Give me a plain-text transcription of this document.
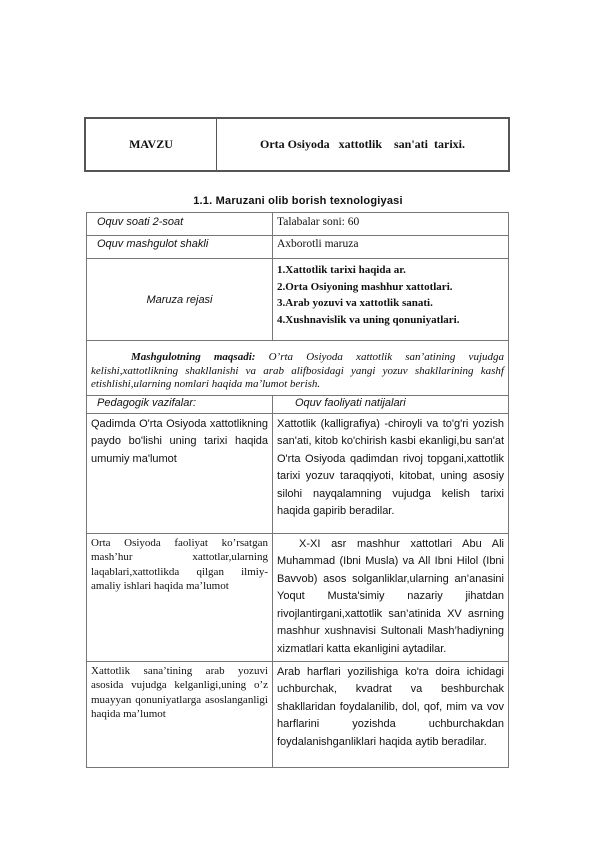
MAVZU	Orta Osiyoda   xattotlik    san'ati  tarixi.
1.1. Maruzani olib borish texnologiyasi
Oquv soati 2-soat	Talabalar soni: 60
Oquv mashgulot shakli	Axborotli maruza
Maruza rejasi	1.Xattotlik tarixi haqida ar.
2.Orta Osiyoning mashhur xattotlari.
3.Arab yozuvi va xattotlik sanati.
4.Xushnavislik va uning qonuniyatlari.

Mashgulotning maqsadi: O’rta Osiyoda xattotlik san’atining vujudga kelishi,xattotlikning shakllanishi va arab alifbosidagi yangi yozuv shakllarining kashf etishlishi,ularning nomlari haqida ma’lumot berish.	
Pedagogik vazifalar:	Oquv faoliyati natijalari
Qadimda O'rta Osiyoda xattotlikning paydo bo'lishi uning tarixi haqida umumiy ma'lumot	Xattotlik (kalligrafiya) -chiroyli va to'g'ri yozish san'ati, kitob ko'chirish kasbi ekanligi,bu san'at O'rta Osiyoda qadimdan rivoj topgani,xattotlik tarixi yozuv taraqqiyoti, kitobat, uning asosiy silohi nayqalamning vujudga kelish tarixi haqida gapirib beradilar.
Orta Osiyoda faoliyat ko’rsatgan mash’hur xattotlar,ularning laqablari,xattotlikda qilgan ilmiy-amaliy ishlari haqida ma’lumot	X-XI asr mashhur xattotlari Abu Ali Muhammad (Ibni Musla) va All Ibni Hilol (Ibni Bavvob) asos solganliklar,ularning an’anasini Yoqut Musta'simiy nazariy jihatdan rivojlantirgani,xattotlik san’atinida XV asrning mashhur xushnavisi Sultonali Mash’hadiyning xizmatlari katta ekanligini aytadilar.
Xattotlik sana’tining arab yozuvi asosida vujudga kelganligi,uning o’z muayyan qonuniyatlarga asoslanganligi haqida ma’lumot	Arab harflari yozilishiga ko'ra doira ichidagi uchburchak, kvadrat va beshburchak shakllaridan foydalanilib, dol, qof, mim va vov harflarini yozishda uchburchakdan foydalanishganliklari haqida aytib beradilar.
